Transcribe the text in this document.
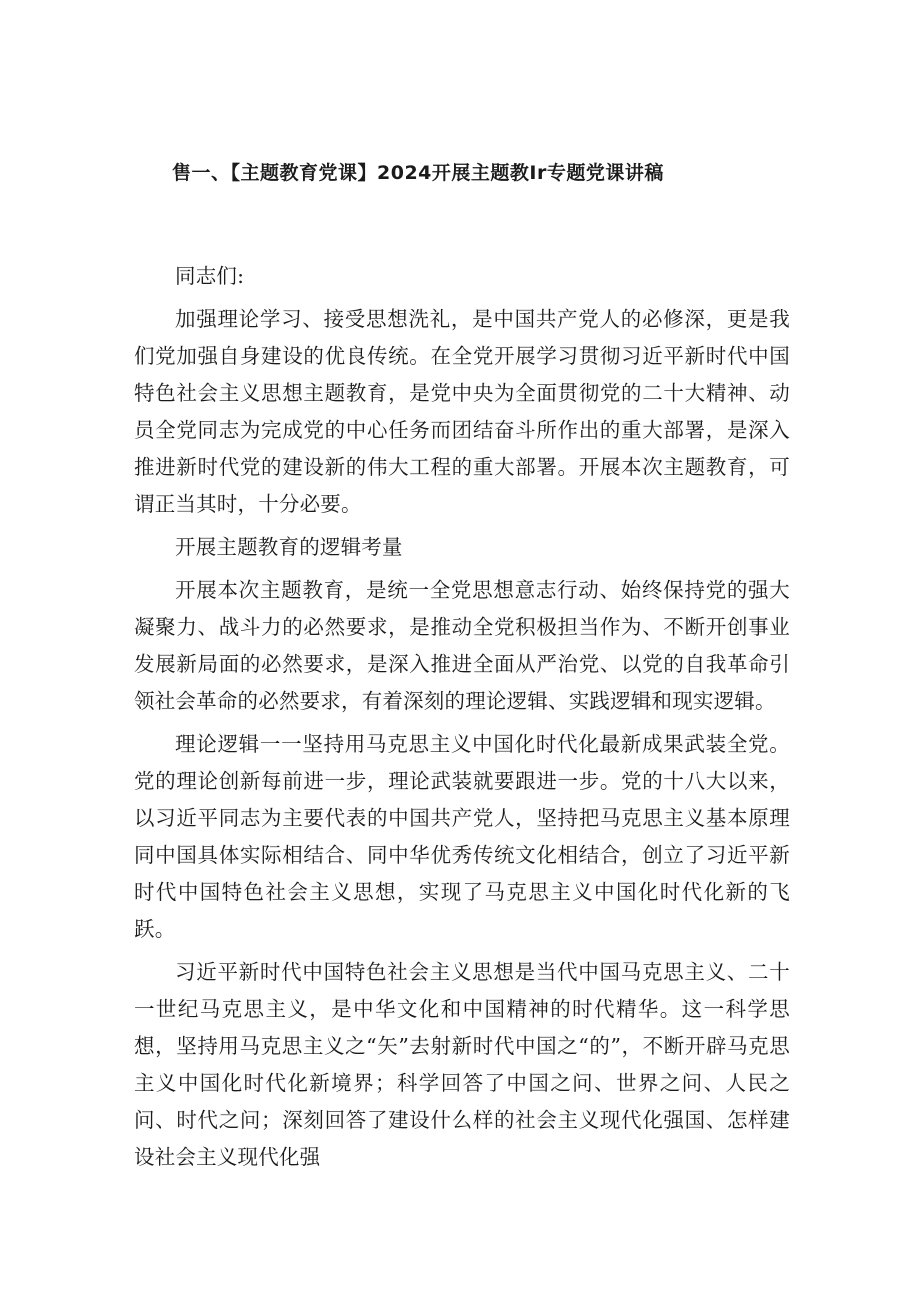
售一、【主题教育党课】2024开展主题教Ir专题党课讲稿

同志们:

加强理论学习、接受思想洗礼，是中国共产党人的必修深，更是我们党加强自身建设的优良传统。在全党开展学习贯彻习近平新时代中国特色社会主义思想主题教育，是党中央为全面贯彻党的二十大精神、动员全党同志为完成党的中心任务而团结奋斗所作出的重大部署，是深入推进新时代党的建设新的伟大工程的重大部署。开展本次主题教育，可谓正当其时，十分必要。

开展主题教育的逻辑考量

开展本次主题教育，是统一全党思想意志行动、始终保持党的强大凝聚力、战斗力的必然要求，是推动全党积极担当作为、不断开创事业发展新局面的必然要求，是深入推进全面从严治党、以党的自我革命引领社会革命的必然要求，有着深刻的理论逻辑、实践逻辑和现实逻辑。

理论逻辑一一坚持用马克思主义中国化时代化最新成果武装全党。党的理论创新每前进一步，理论武装就要跟进一步。党的十八大以来，以习近平同志为主要代表的中国共产党人，坚持把马克思主义基本原理同中国具体实际相结合、同中华优秀传统文化相结合，创立了习近平新时代中国特色社会主义思想，实现了马克思主义中国化时代化新的飞跃。

习近平新时代中国特色社会主义思想是当代中国马克思主义、二十一世纪马克思主义，是中华文化和中国精神的时代精华。这一科学思想，坚持用马克思主义之“矢”去射新时代中国之“的”，不断开辟马克思主义中国化时代化新境界；科学回答了中国之问、世界之问、人民之问、时代之问；深刻回答了建设什么样的社会主义现代化强国、怎样建设社会主义现代化强
